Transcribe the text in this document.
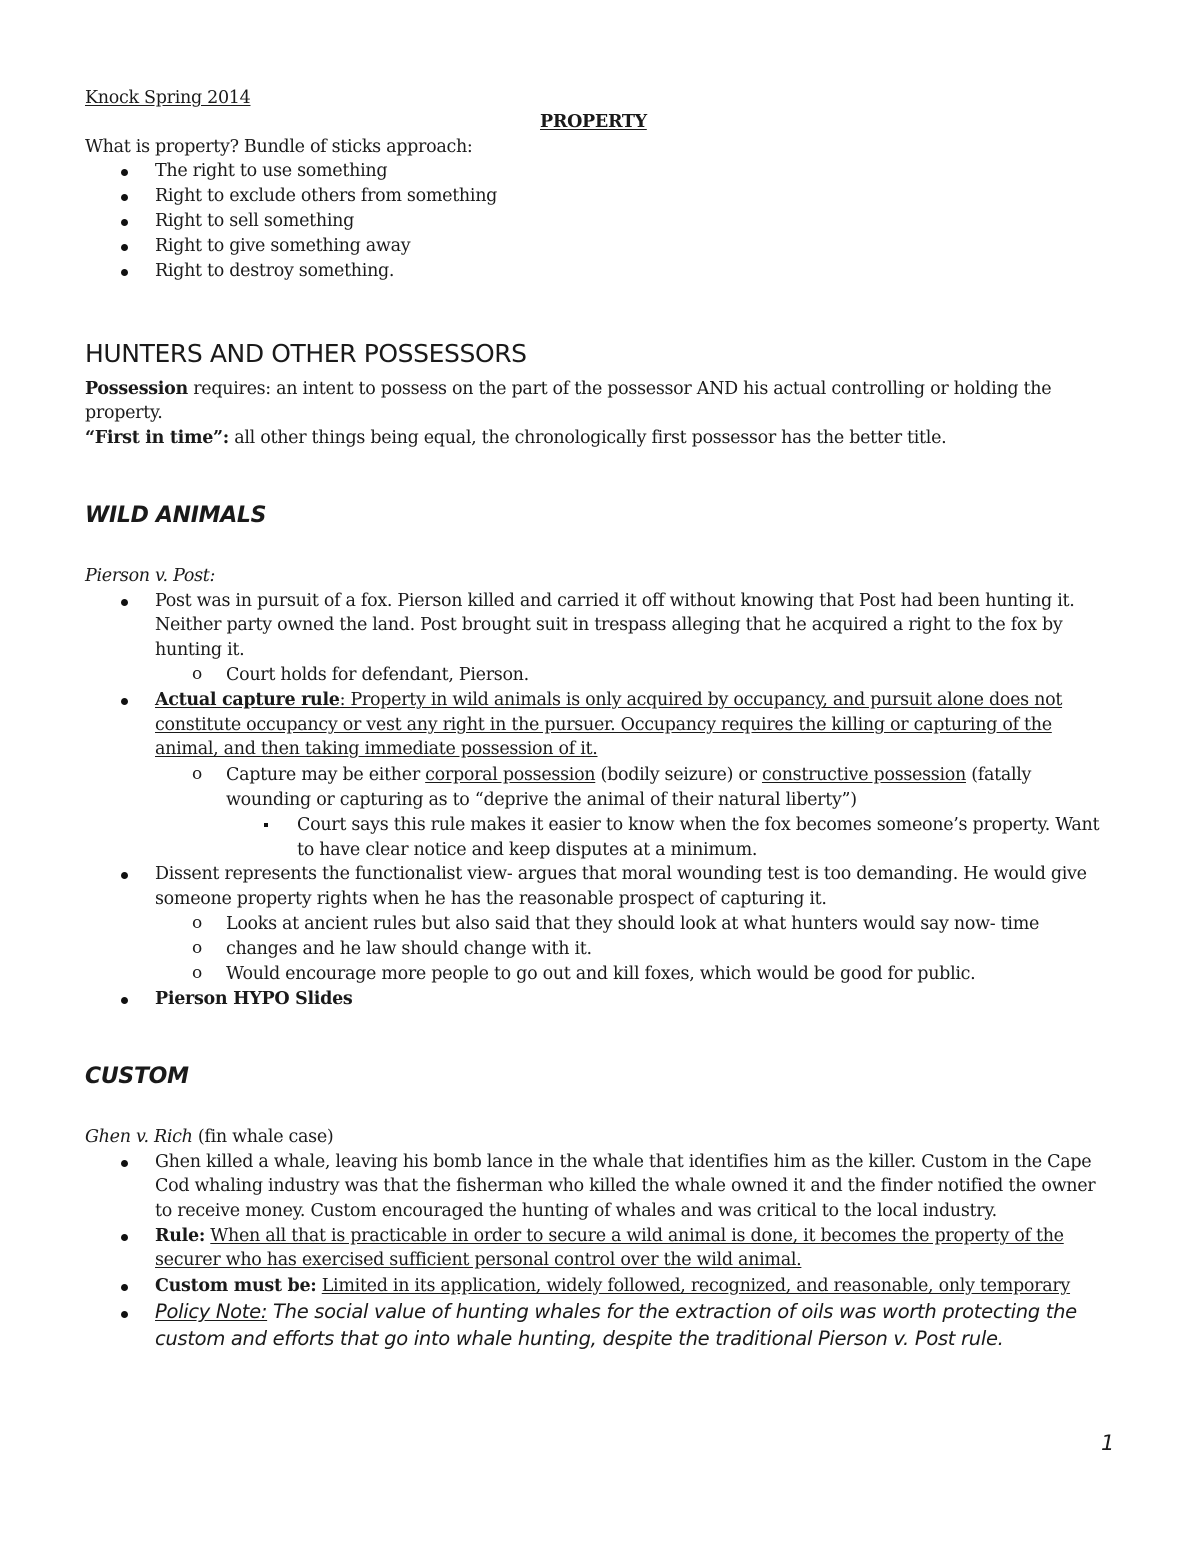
Knock Spring 2014
PROPERTY
What is property? Bundle of sticks approach:
The right to use something
Right to exclude others from something
Right to sell something
Right to give something away
Right to destroy something.
HUNTERS AND OTHER POSSESSORS
Possession requires: an intent to possess on the part of the possessor AND his actual controlling or holding the
property.
“First in time”: all other things being equal, the chronologically first possessor has the better title.
WILD ANIMALS
Pierson v. Post:
Post was in pursuit of a fox. Pierson killed and carried it off without knowing that Post had been hunting it.
Neither party owned the land. Post brought suit in trespass alleging that he acquired a right to the fox by
hunting it.
o Court holds for defendant, Pierson.
Actual capture rule: Property in wild animals is only acquired by occupancy, and pursuit alone does not
constitute occupancy or vest any right in the pursuer. Occupancy requires the killing or capturing of the
animal, and then taking immediate possession of it.
o Capture may be either corporal possession (bodily seizure) or constructive possession (fatally
wounding or capturing as to “deprive the animal of their natural liberty”)
Court says this rule makes it easier to know when the fox becomes someone’s property. Want
to have clear notice and keep disputes at a minimum.
Dissent represents the functionalist view- argues that moral wounding test is too demanding. He would give
someone property rights when he has the reasonable prospect of capturing it.
o Looks at ancient rules but also said that they should look at what hunters would say now- time
o changes and he law should change with it.
o Would encourage more people to go out and kill foxes, which would be good for public.
Pierson HYPO Slides
CUSTOM
Ghen v. Rich (fin whale case)
Ghen killed a whale, leaving his bomb lance in the whale that identifies him as the killer. Custom in the Cape
Cod whaling industry was that the fisherman who killed the whale owned it and the finder notified the owner
to receive money. Custom encouraged the hunting of whales and was critical to the local industry.
Rule: When all that is practicable in order to secure a wild animal is done, it becomes the property of the
securer who has exercised sufficient personal control over the wild animal.
Custom must be: Limited in its application, widely followed, recognized, and reasonable, only temporary
Policy Note: The social value of hunting whales for the extraction of oils was worth protecting the
custom and efforts that go into whale hunting, despite the traditional Pierson v. Post rule.
1
